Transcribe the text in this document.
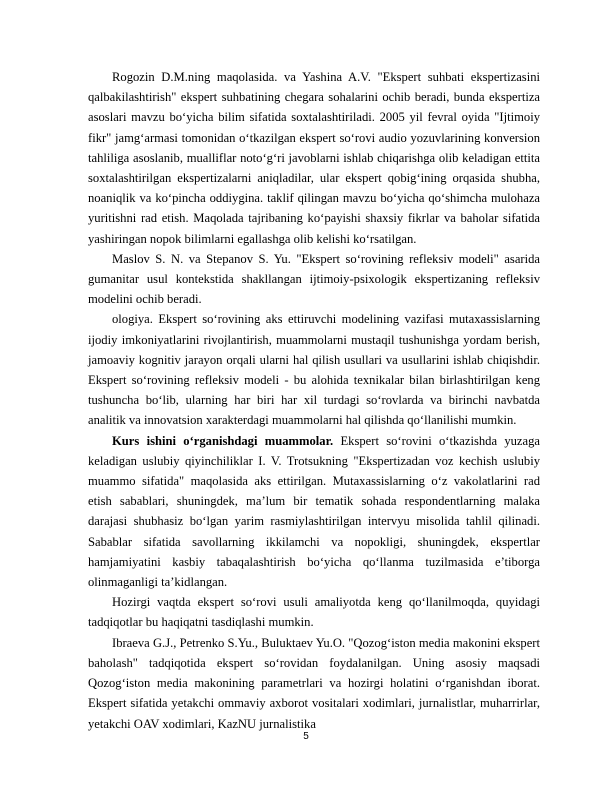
Rogozin D.M.ning maqolasida. va Yashina A.V. "Ekspert suhbati ekspertizasini qalbakilashtirish" ekspert suhbatining chegara sohalarini ochib beradi, bunda ekspertiza asoslari mavzu bo‘yicha bilim sifatida soxtalashtiriladi. 2005 yil fevral oyida "Ijtimoiy fikr" jamg‘armasi tomonidan o‘tkazilgan ekspert so‘rovi audio yozuvlarining konversion tahliliga asoslanib, mualliflar noto‘g‘ri javoblarni ishlab chiqarishga olib keladigan ettita soxtalashtirilgan ekspertizalarni aniqladilar, ular ekspert qobig‘ining orqasida shubha, noaniqlik va ko‘pincha oddiygina. taklif qilingan mavzu bo‘yicha qo‘shimcha mulohaza yuritishni rad etish. Maqolada tajribaning ko‘payishi shaxsiy fikrlar va baholar sifatida yashiringan nopok bilimlarni egallashga olib kelishi ko‘rsatilgan.

Maslov S. N. va Stepanov S. Yu. "Ekspert so‘rovining refleksiv modeli" asarida gumanitar usul kontekstida shakllangan ijtimoiy-psixologik ekspertizaning refleksiv modelini ochib beradi.

ologiya. Ekspert so‘rovining aks ettiruvchi modelining vazifasi mutaxassislarning ijodiy imkoniyatlarini rivojlantirish, muammolarni mustaqil tushunishga yordam berish, jamoaviy kognitiv jarayon orqali ularni hal qilish usullari va usullarini ishlab chiqishdir. Ekspert so‘rovining refleksiv modeli - bu alohida texnikalar bilan birlashtirilgan keng tushuncha bo‘lib, ularning har biri har xil turdagi so‘rovlarda va birinchi navbatda analitik va innovatsion xarakterdagi muammolarni hal qilishda qo‘llanilishi mumkin.

Kurs ishini o‘rganishdagi muammolar. Ekspert so‘rovini o‘tkazishda yuzaga keladigan uslubiy qiyinchiliklar I. V. Trotsukning "Ekspertizadan voz kechish uslubiy muammo sifatida" maqolasida aks ettirilgan. Mutaxassislarning o‘z vakolatlarini rad etish sabablari, shuningdek, ma’lum bir tematik sohada respondentlarning malaka darajasi shubhasiz bo‘lgan yarim rasmiylashtirilgan intervyu misolida tahlil qilinadi. Sabablar sifatida savollarning ikkilamchi va nopokligi, shuningdek, ekspertlar hamjamiyatini kasbiy tabaqalashtirish bo‘yicha qo‘llanma tuzilmasida e’tiborga olinmaganligi ta’kidlangan.

Hozirgi vaqtda ekspert so‘rovi usuli amaliyotda keng qo‘llanilmoqda, quyidagi tadqiqotlar bu haqiqatni tasdiqlashi mumkin.

Ibraeva G.J., Petrenko S.Yu., Buluktaev Yu.O. "Qozog‘iston media makonini ekspert baholash" tadqiqotida ekspert so‘rovidan foydalanilgan. Uning asosiy maqsadi Qozog‘iston media makonining parametrlari va hozirgi holatini o‘rganishdan iborat. Ekspert sifatida yetakchi ommaviy axborot vositalari xodimlari, jurnalistlar, muharrirlar, yetakchi OAV xodimlari, KazNU jurnalistika

5
